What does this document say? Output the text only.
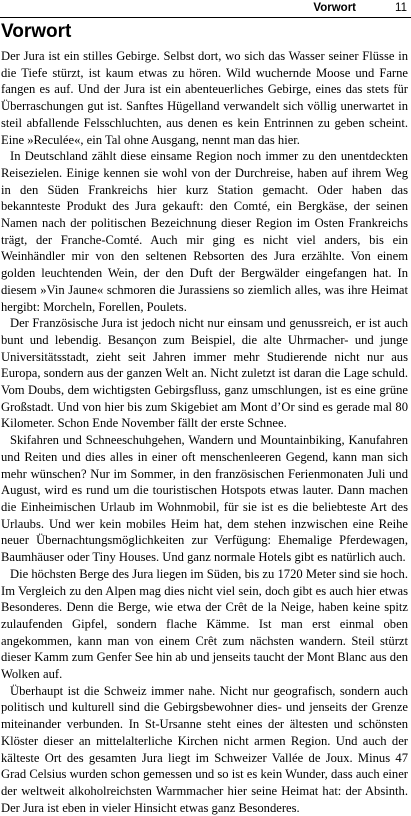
Vorwort	11
Vorwort

Der Jura ist ein stilles Gebirge. Selbst dort, wo sich das Wasser seiner Flüsse in die Tiefe stürzt, ist kaum etwas zu hören. Wild wuchernde Moose und Farne fangen es auf. Und der Jura ist ein abenteuerliches Gebirge, eines das stets für Überraschungen gut ist. Sanftes Hügelland verwandelt sich völlig unerwartet in steil abfallende Felsschluchten, aus denen es kein Entrinnen zu geben scheint. Eine »Reculée«, ein Tal ohne Ausgang, nennt man das hier.

In Deutschland zählt diese einsame Region noch immer zu den unentdeckten Reisezielen. Einige kennen sie wohl von der Durchreise, haben auf ihrem Weg in den Süden Frankreichs hier kurz Station gemacht. Oder haben das bekannteste Produkt des Jura gekauft: den Comté, ein Bergkäse, der seinen Namen nach der politischen Bezeichnung dieser Region im Osten Frankreichs trägt, der Franche-Comté. Auch mir ging es nicht viel anders, bis ein Weinhändler mir von den seltenen Rebsorten des Jura erzählte. Von einem golden leuchtenden Wein, der den Duft der Bergwälder eingefangen hat. In diesem »Vin Jaune« schmoren die Jurassiens so ziemlich alles, was ihre Heimat hergibt: Morcheln, Forellen, Poulets.

Der Französische Jura ist jedoch nicht nur einsam und genussreich, er ist auch bunt und lebendig. Besançon zum Beispiel, die alte Uhrmacher- und junge Universitätsstadt, zieht seit Jahren immer mehr Studierende nicht nur aus Europa, sondern aus der ganzen Welt an. Nicht zuletzt ist daran die Lage schuld. Vom Doubs, dem wichtigsten Gebirgsfluss, ganz umschlungen, ist es eine grüne Großstadt. Und von hier bis zum Skigebiet am Mont d’Or sind es gerade mal 80 Kilometer. Schon Ende November fällt der erste Schnee.

Skifahren und Schneeschuhgehen, Wandern und Mountainbiking, Kanufahren und Reiten und dies alles in einer oft menschenleeren Gegend, kann man sich mehr wünschen? Nur im Sommer, in den französischen Ferienmonaten Juli und August, wird es rund um die touristischen Hotspots etwas lauter. Dann machen die Einheimischen Urlaub im Wohnmobil, für sie ist es die beliebteste Art des Urlaubs. Und wer kein mobiles Heim hat, dem stehen inzwischen eine Reihe neuer Übernachtungsmöglichkeiten zur Verfügung: Ehemalige Pferdewagen, Baumhäuser oder Tiny Houses. Und ganz normale Hotels gibt es natürlich auch.

Die höchsten Berge des Jura liegen im Süden, bis zu 1720 Meter sind sie hoch. Im Vergleich zu den Alpen mag dies nicht viel sein, doch gibt es auch hier etwas Besonderes. Denn die Berge, wie etwa der Crêt de la Neige, haben keine spitz zulaufenden Gipfel, sondern flache Kämme. Ist man erst einmal oben angekommen, kann man von einem Crêt zum nächsten wandern. Steil stürzt dieser Kamm zum Genfer See hin ab und jenseits taucht der Mont Blanc aus den Wolken auf.

Überhaupt ist die Schweiz immer nahe. Nicht nur geografisch, sondern auch politisch und kulturell sind die Gebirgsbewohner dies- und jenseits der Grenze miteinander verbunden. In St-Ursanne steht eines der ältesten und schönsten Klöster dieser an mittelalterliche Kirchen nicht armen Region. Und auch der kälteste Ort des gesamten Jura liegt im Schweizer Vallée de Joux. Minus 47 Grad Celsius wurden schon gemessen und so ist es kein Wunder, dass auch einer der weltweit alkoholreichsten Warmmacher hier seine Heimat hat: der Absinth. Der Jura ist eben in vieler Hinsicht etwas ganz Besonderes.
